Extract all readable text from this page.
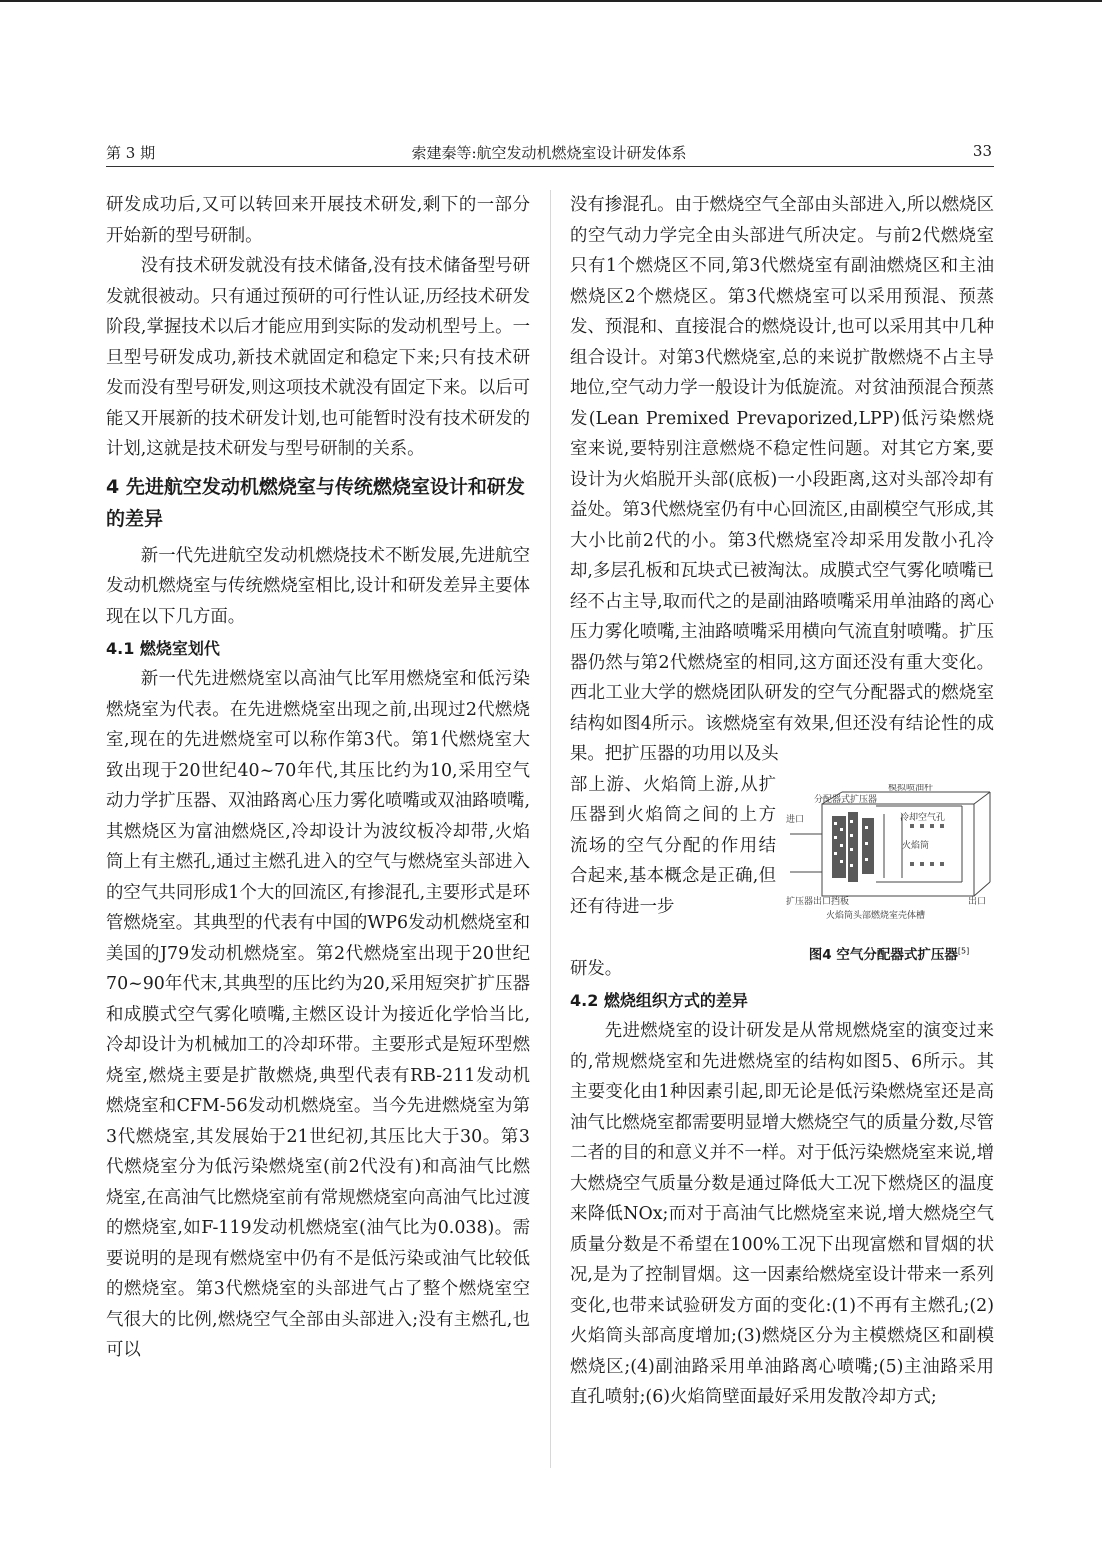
第 3 期	索建秦等:航空发动机燃烧室设计研发体系	33

研发成功后,又可以转回来开展技术研发,剩下的一部分开始新的型号研制。

没有技术研发就没有技术储备,没有技术储备型号研发就很被动。只有通过预研的可行性认证,历经技术研发阶段,掌握技术以后才能应用到实际的发动机型号上。一旦型号研发成功,新技术就固定和稳定下来;只有技术研发而没有型号研发,则这项技术就没有固定下来。以后可能又开展新的技术研发计划,也可能暂时没有技术研发的计划,这就是技术研发与型号研制的关系。

4 先进航空发动机燃烧室与传统燃烧室设计和研发的差异

新一代先进航空发动机燃烧技术不断发展,先进航空发动机燃烧室与传统燃烧室相比,设计和研发差异主要体现在以下几方面。

4.1 燃烧室划代

新一代先进燃烧室以高油气比军用燃烧室和低污染燃烧室为代表。在先进燃烧室出现之前,出现过2代燃烧室,现在的先进燃烧室可以称作第3代。第1代燃烧室大致出现于20世纪40~70年代,其压比约为10,采用空气动力学扩压器、双油路离心压力雾化喷嘴或双油路喷嘴,其燃烧区为富油燃烧区,冷却设计为波纹板冷却带,火焰筒上有主燃孔,通过主燃孔进入的空气与燃烧室头部进入的空气共同形成1个大的回流区,有掺混孔,主要形式是环管燃烧室。其典型的代表有中国的WP6发动机燃烧室和美国的J79发动机燃烧室。第2代燃烧室出现于20世纪70~90年代末,其典型的压比约为20,采用短突扩扩压器和成膜式空气雾化喷嘴,主燃区设计为接近化学恰当比,冷却设计为机械加工的冷却环带。主要形式是短环型燃烧室,燃烧主要是扩散燃烧,典型代表有RB-211发动机燃烧室和CFM-56发动机燃烧室。当今先进燃烧室为第3代燃烧室,其发展始于21世纪初,其压比大于30。第3代燃烧室分为低污染燃烧室(前2代没有)和高油气比燃烧室,在高油气比燃烧室前有常规燃烧室向高油气比过渡的燃烧室,如F-119发动机燃烧室(油气比为0.038)。需要说明的是现有燃烧室中仍有不是低污染或油气比较低的燃烧室。第3代燃烧室的头部进气占了整个燃烧室空气很大的比例,燃烧空气全部由头部进入;没有主燃孔,也可以

没有掺混孔。由于燃烧空气全部由头部进入,所以燃烧区的空气动力学完全由头部进气所决定。与前2代燃烧室只有1个燃烧区不同,第3代燃烧室有副油燃烧区和主油燃烧区2个燃烧区。第3代燃烧室可以采用预混、预蒸发、预混和、直接混合的燃烧设计,也可以采用其中几种组合设计。对第3代燃烧室,总的来说扩散燃烧不占主导地位,空气动力学一般设计为低旋流。对贫油预混合预蒸发(Lean Premixed Prevaporized,LPP)低污染燃烧室来说,要特别注意燃烧不稳定性问题。对其它方案,要设计为火焰脱开头部(底板)一小段距离,这对头部冷却有益处。第3代燃烧室仍有中心回流区,由副模空气形成,其大小比前2代的小。第3代燃烧室冷却采用发散小孔冷却,多层孔板和瓦块式已被淘汰。成膜式空气雾化喷嘴已经不占主导,取而代之的是副油路喷嘴采用单油路的离心压力雾化喷嘴,主油路喷嘴采用横向气流直射喷嘴。扩压器仍然与第2代燃烧室的相同,这方面还没有重大变化。西北工业大学的燃烧团队研发的空气分配器式的燃烧室结构如图4所示。该燃烧室有效果,但还没有结论性的成果。把扩压器的功用以及头

部上游、火焰筒上游,从扩压器到火焰筒之间的上方流场的空气分配的作用结合起来,基本概念是正确,但还有待进一步

模拟喷油杆
分配器式扩压器
进口	冷却空气孔
火焰筒
扩压器出口挡板	出口
火焰筒头部燃烧室壳体槽
图4 空气分配器式扩压器[5]

研发。

4.2 燃烧组织方式的差异

先进燃烧室的设计研发是从常规燃烧室的演变过来的,常规燃烧室和先进燃烧室的结构如图5、6所示。其主要变化由1种因素引起,即无论是低污染燃烧室还是高油气比燃烧室都需要明显增大燃烧空气的质量分数,尽管二者的目的和意义并不一样。对于低污染燃烧室来说,增大燃烧空气质量分数是通过降低大工况下燃烧区的温度来降低NOx;而对于高油气比燃烧室来说,增大燃烧空气质量分数是不希望在100%工况下出现富燃和冒烟的状况,是为了控制冒烟。这一因素给燃烧室设计带来一系列变化,也带来试验研发方面的变化:(1)不再有主燃孔;(2)火焰筒头部高度增加;(3)燃烧区分为主模燃烧区和副模燃烧区;(4)副油路采用单油路离心喷嘴;(5)主油路采用直孔喷射;(6)火焰筒壁面最好采用发散冷却方式;
